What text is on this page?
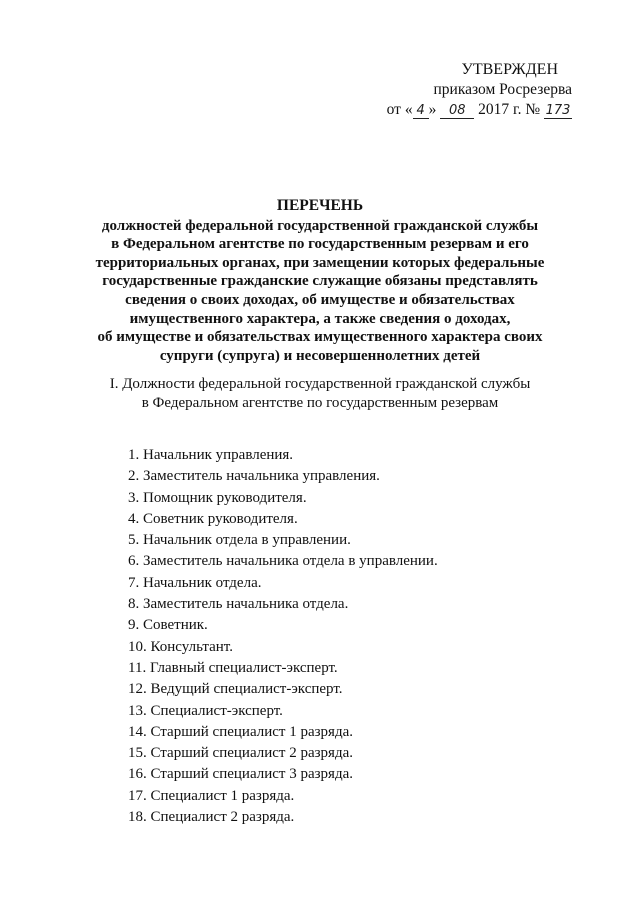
УТВЕРЖДЕН
приказом Росрезерва
от « 4 » 08 2017 г. № 173
ПЕРЕЧЕНЬ
должностей федеральной государственной гражданской службы
в Федеральном агентстве по государственным резервам и его
территориальных органах, при замещении которых федеральные
государственные гражданские служащие обязаны представлять
сведения о своих доходах, об имуществе и обязательствах
имущественного характера, а также сведения о доходах,
об имуществе и обязательствах имущественного характера своих
супруги (супруга) и несовершеннолетних детей
I. Должности федеральной государственной гражданской службы
в Федеральном агентстве по государственным резервам
1. Начальник управления.
2. Заместитель начальника управления.
3. Помощник руководителя.
4. Советник руководителя.
5. Начальник отдела в управлении.
6. Заместитель начальника отдела в управлении.
7. Начальник отдела.
8. Заместитель начальника отдела.
9. Советник.
10. Консультант.
11. Главный специалист-эксперт.
12. Ведущий специалист-эксперт.
13. Специалист-эксперт.
14. Старший специалист 1 разряда.
15. Старший специалист 2 разряда.
16. Старший специалист 3 разряда.
17. Специалист 1 разряда.
18. Специалист 2 разряда.
